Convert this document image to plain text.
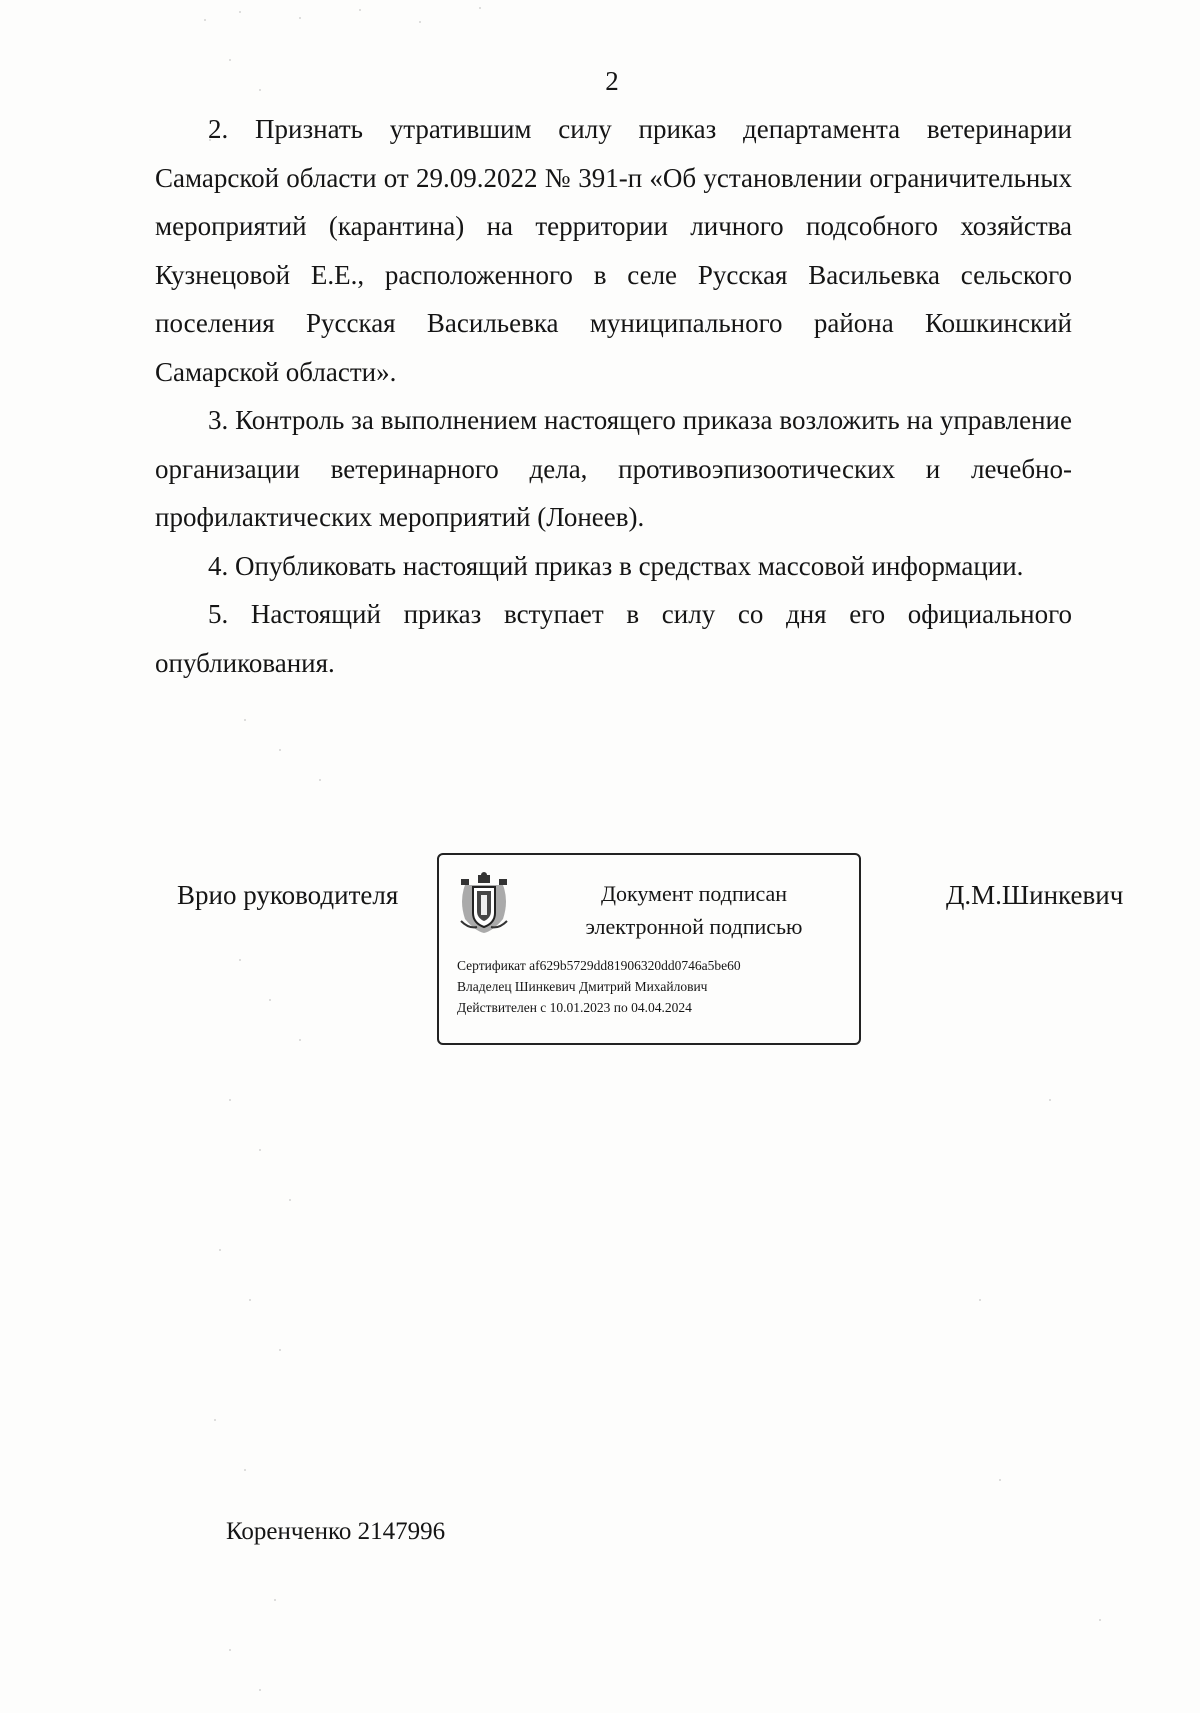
2

2. Признать утратившим силу приказ департамента ветеринарии Самарской области от 29.09.2022 № 391-п «Об установлении ограничительных мероприятий (карантина) на территории личного подсобного хозяйства Кузнецовой Е.Е., расположенного в селе Русская Васильевка сельского поселения Русская Васильевка муниципального района Кошкинский Самарской области».

3. Контроль за выполнением настоящего приказа возложить на управление организации ветеринарного дела, противоэпизоотических и лечебно-профилактических мероприятий (Лонеев).

4. Опубликовать настоящий приказ в средствах массовой информации.

5. Настоящий приказ вступает в силу со дня его официального опубликования.

Врио руководителя	Документ подписан
электронной подписью
Сертификат af629b5729dd81906320dd0746a5be60
Владелец Шинкевич Дмитрий Михайлович
Действителен с 10.01.2023 по 04.04.2024
Д.М.Шинкевич
Коренченко 2147996
